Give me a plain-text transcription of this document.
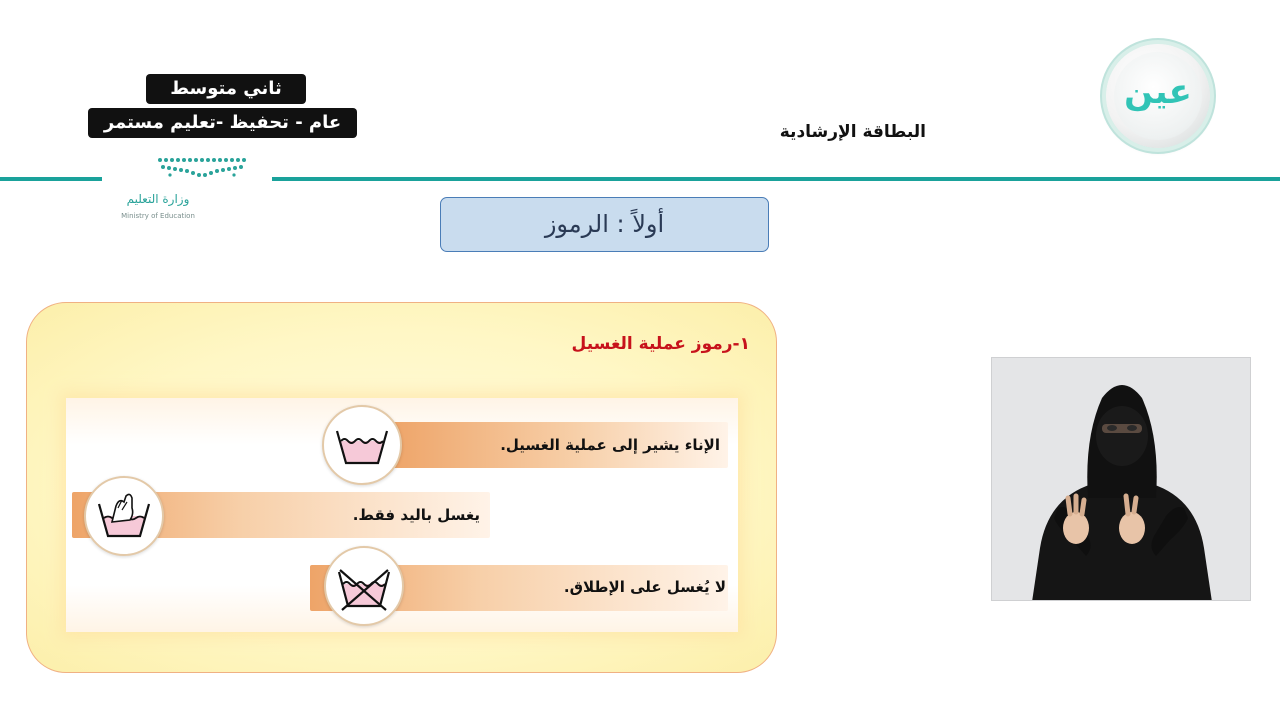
ثاني متوسط
عام - تحفيظ -تعليم مستمر
وزارة التعليم
Ministry of Education
البطاقة الإرشادية
عين
أولاً : الرموز
١-رموز عملية الغسيل
الإناء يشير إلى عملية الغسيل.
يغسل باليد فقط.
لا يُغسل على الإطلاق.
